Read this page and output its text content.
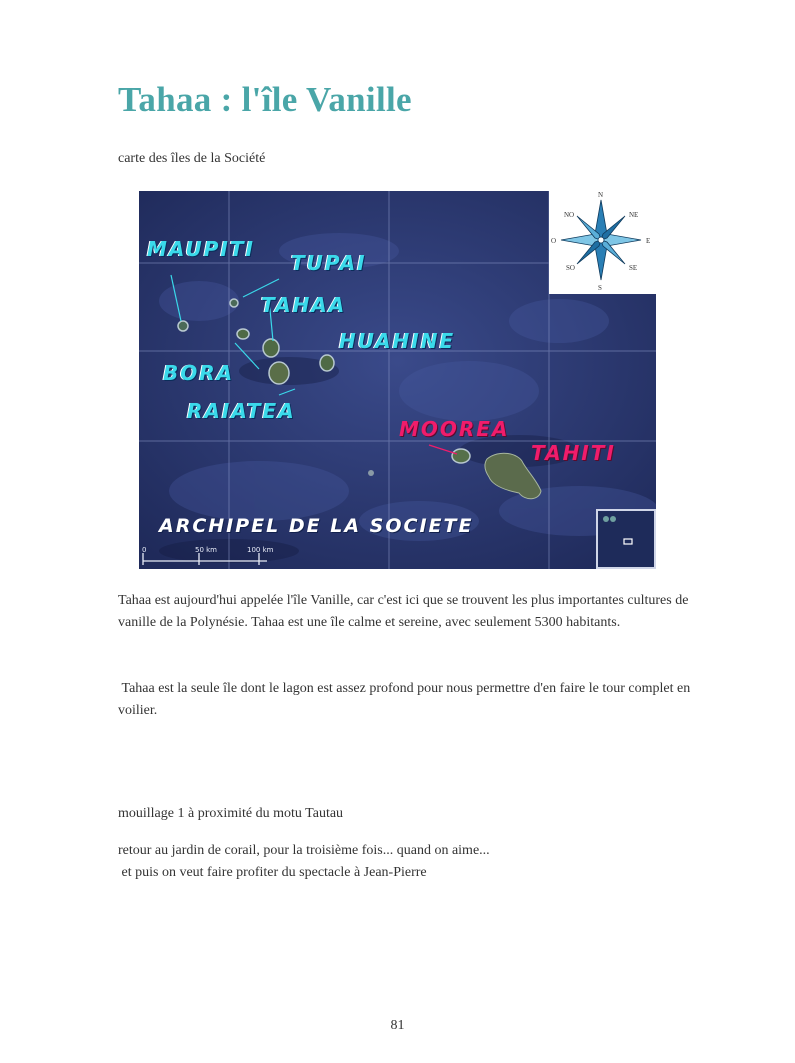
Tahaa : l'île Vanille

carte des îles de la Société

0	50 km	100 km
N
NE
E
SE
S
SO
O
NO
MAUPITI
TUPAI
TAHAA
HUAHINE
BORA
RAIATEA
MOOREA
TAHITI
ARCHIPEL DE LA SOCIETE

Tahaa est aujourd'hui appelée l'île Vanille, car c'est ici que se trouvent les plus importantes cultures de vanille de la Polynésie. Tahaa est une île calme et sereine, avec seulement 5300 habitants.

Tahaa est la seule île dont le lagon est assez profond pour nous permettre d'en faire le tour complet en voilier.

mouillage 1 à proximité du motu Tautau

retour au jardin de corail, pour la troisième fois... quand on aime...
et puis on veut faire profiter du spectacle à Jean-Pierre

81
